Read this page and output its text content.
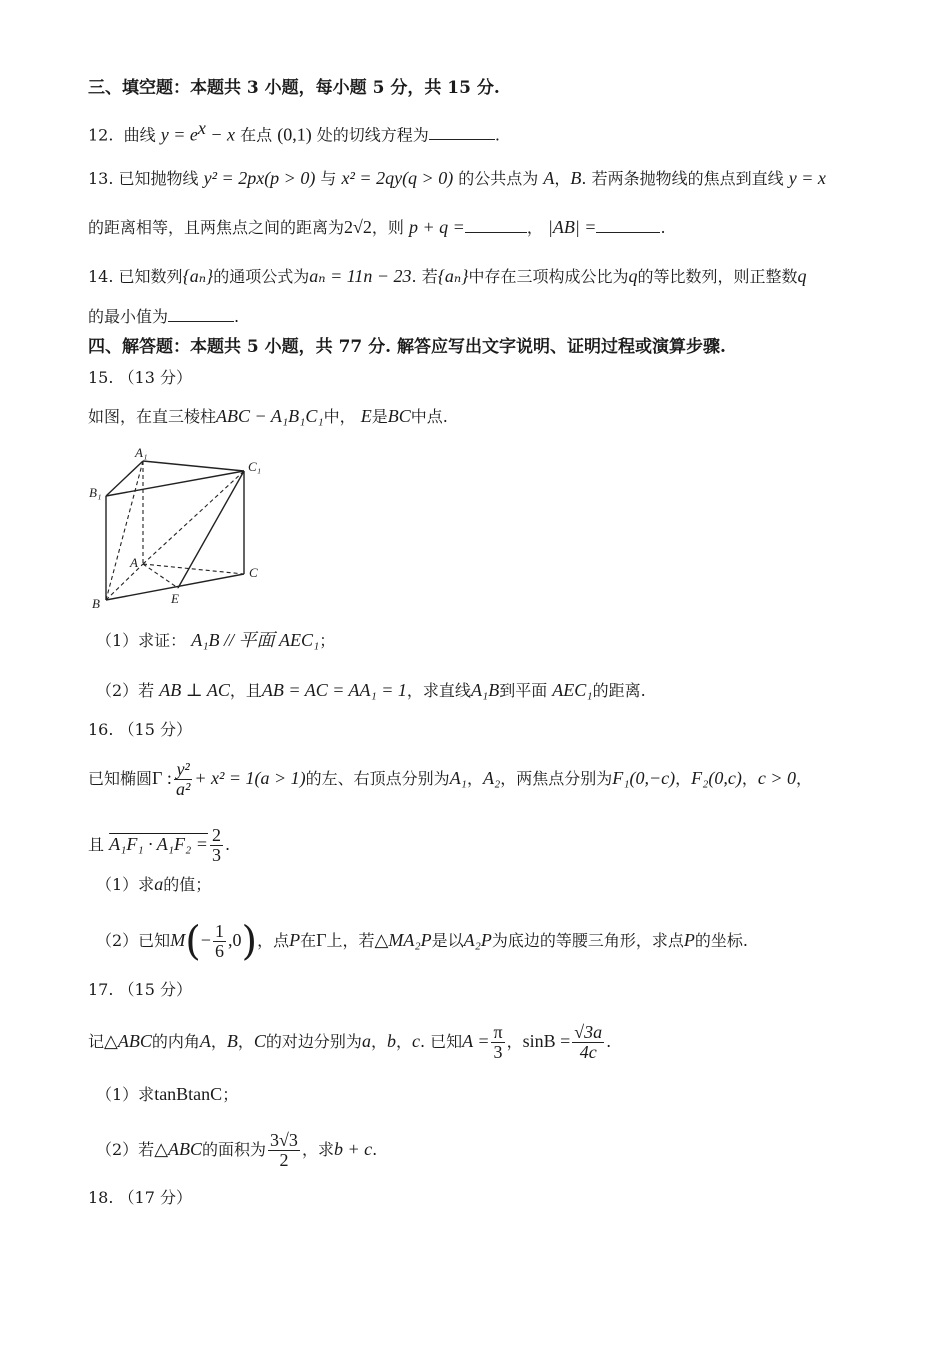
三、填空题：本题共 3 小题，每小题 5 分，共 15 分.
12. 曲线 $y = e^x - x$ 在点 (0,1) 处的切线方程为	.
13. 已知抛物线 y² = 2px(p > 0) 与 x² = 2qy(q > 0) 的公共点为 A，B. 若两条抛物线的焦点到直线 y = x
的距离相等，且两焦点之间的距离为2√2，则 p + q =	， |AB| =	.
14. 已知数列{aₙ}的通项公式为aₙ = 11n − 23. 若{aₙ}中存在三项构成公比为q的等比数列，则正整数q
的最小值为	.
四、解答题：本题共 5 小题，共 77 分. 解答应写出文字说明、证明过程或演算步骤.
15. （13 分）
如图，在直三棱柱ABC − A₁B₁C₁中， E是BC中点.
A₁
B₁
C₁
A
B
C
E
（1）求证： A₁B // 平面 AEC₁；
（2）若 AB ⊥ AC，且AB = AC = AA₁ = 1，求直线A₁B到平面 AEC₁的距离.
16. （15 分）
已知椭圆Γ : $\frac{\text{y²}}{\text{a²}} + x^2 = 1(a > 1)$的左、右顶点分别为A₁，A₂，两焦点分别为F₁(0,−c)，F₂(0,c)，c > 0，
且 $A_1F_1 \cdot A_1F_2 = \frac{2}{3}$ .
（1）求a的值；
（2）已知$M(- \frac{1}{6} ,0)$，点P在Γ上，若△MA₂P是以A₂P为底边的等腰三角形，求点P的坐标.
17. （15 分）
记△ABC的内角A，B，C的对边分别为a，b，c. 已知$A = \frac{\pi}{3}$ ，$\sin B = \frac{√3a}{4c}$ .
（1）求tanBtanC；
（2）若△ABC的面积为 $\frac{3√3}{2}$ ，求b + c.
18. （17 分）
